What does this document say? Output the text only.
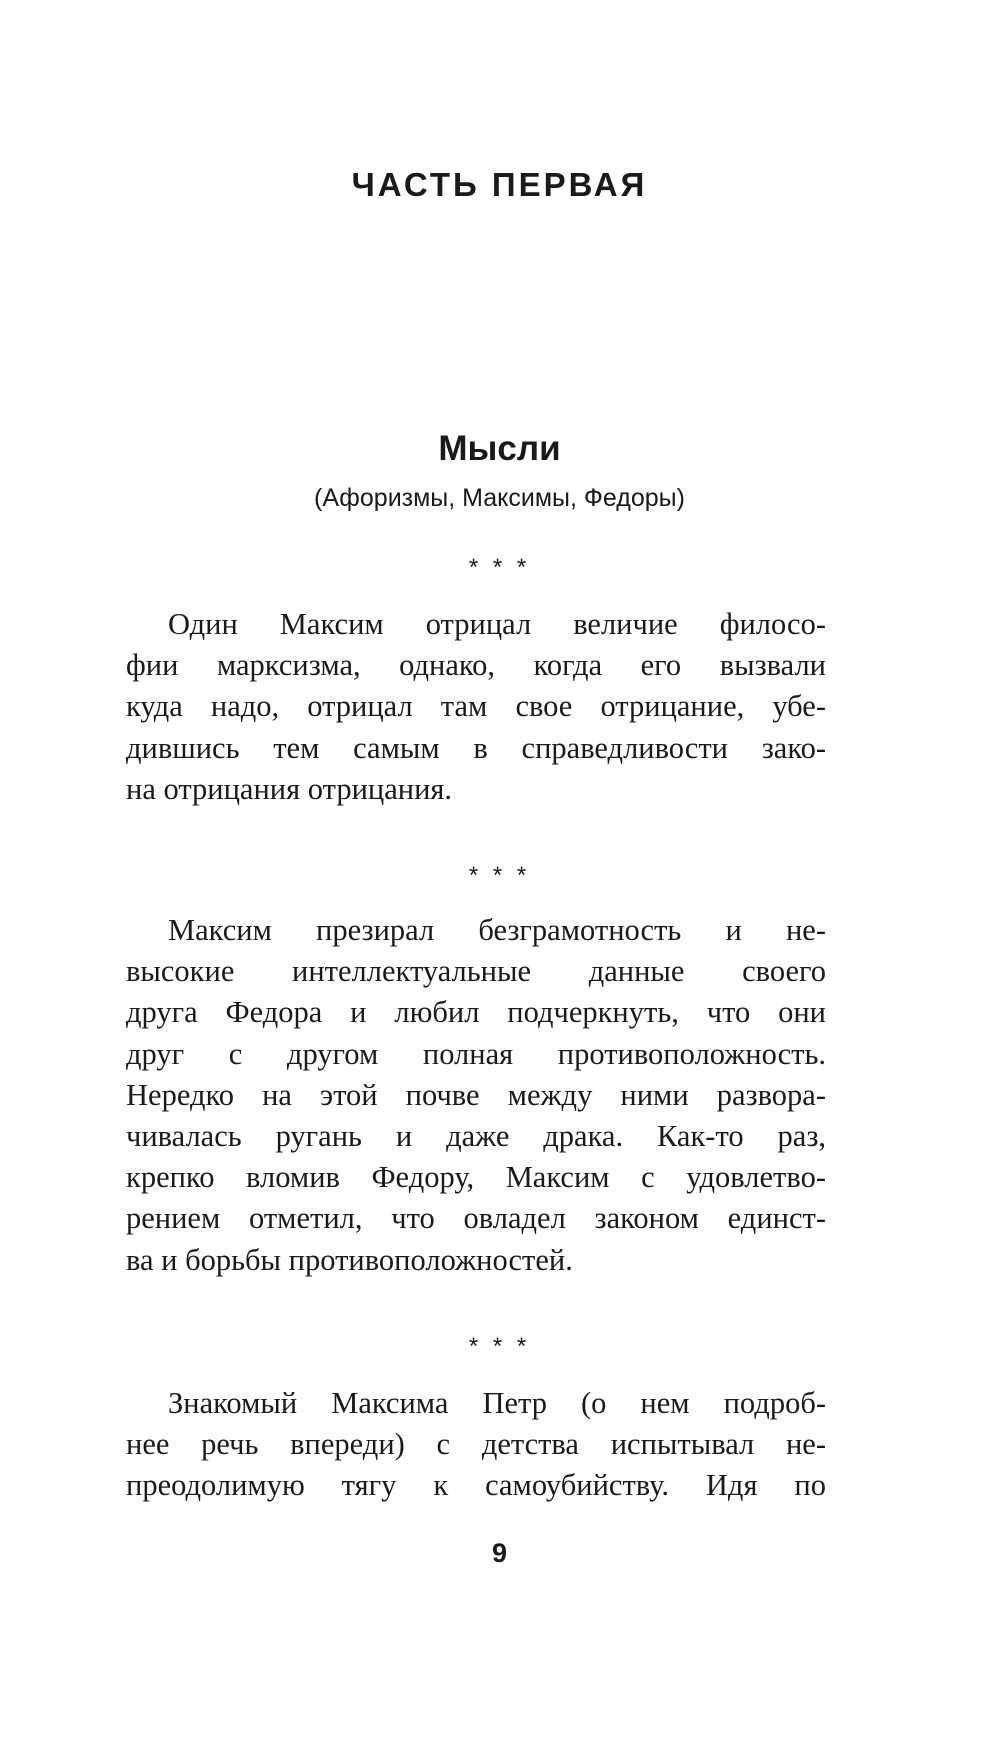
ЧАСТЬ ПЕРВАЯ
Мысли
(Афоризмы, Максимы, Федоры)
* * *

Один Максим отрицал величие филосо-
фии марксизма, однако, когда его вызвали
куда надо, отрицал там свое отрицание, убе-
дившись тем самым в справедливости зако-
на отрицания отрицания.

* * *

Максим презирал безграмотность и не-
высокие интеллектуальные данные своего
друга Федора и любил подчеркнуть, что они
друг с другом полная противоположность.
Нередко на этой почве между ними развора-
чивалась ругань и даже драка. Как-то раз,
крепко вломив Федору, Максим с удовлетво-
рением отметил, что овладел законом единст-
ва и борьбы противоположностей.

* * *

Знакомый Максима Петр (о нем подроб-
нее речь впереди) с детства испытывал не-
преодолимую тягу к самоубийству. Идя по

9
